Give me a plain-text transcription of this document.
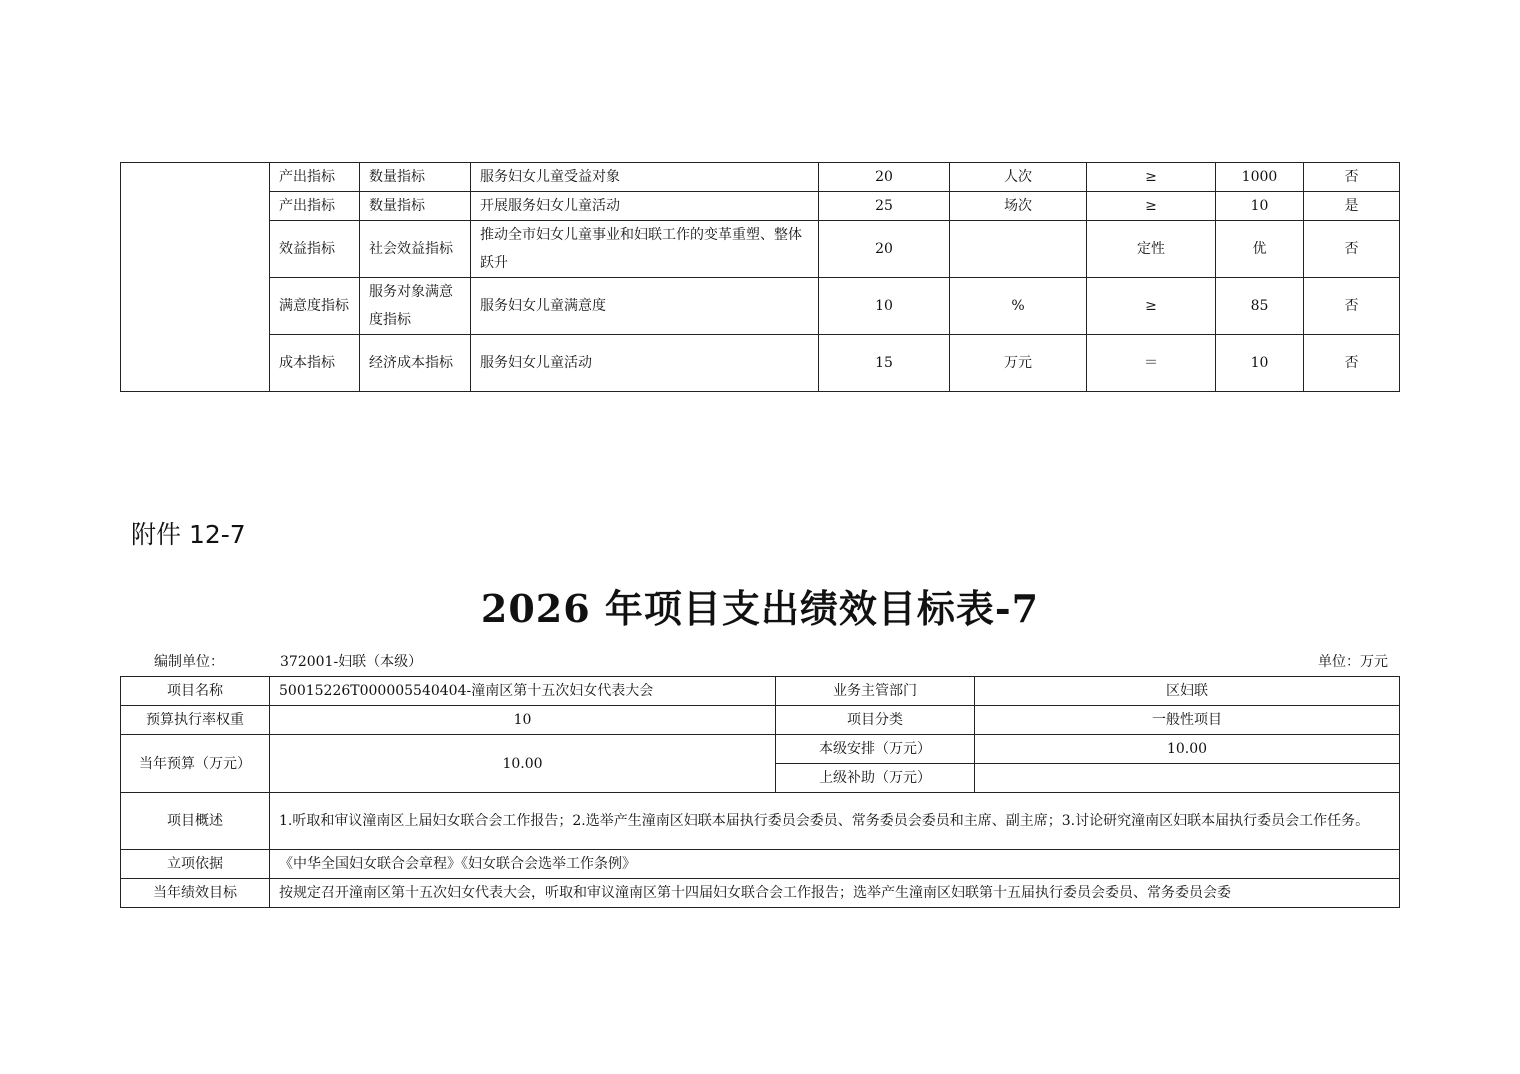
	产出指标	数量指标	服务妇女儿童受益对象	20	人次	≥	1000	否
	产出指标	数量指标	开展服务妇女儿童活动	25	场次	≥	10	是
	效益指标	社会效益指标	推动全市妇女儿童事业和妇联工作的变革重塑、整体跃升	20		定性	优	否
	满意度指标	服务对象满意度指标	服务妇女儿童满意度	10	%	≥	85	否
	成本指标	经济成本指标	服务妇女儿童活动	15	万元	＝	10	否
附件 12-7
2026 年项目支出绩效目标表-7
编制单位：	372001-妇联（本级）	单位：万元
项目名称	50015226T000005540404-潼南区第十五次妇女代表大会	业务主管部门	区妇联
预算执行率权重	10	项目分类	一般性项目
当年预算（万元）	10.00	本级安排（万元）	10.00
		上级补助（万元）	
项目概述	1.听取和审议潼南区上届妇女联合会工作报告；2.选举产生潼南区妇联本届执行委员会委员、常务委员会委员和主席、副主席；3.讨论研究潼南区妇联本届执行委员会工作任务。		
立项依据	《中华全国妇女联合会章程》《妇女联合会选举工作条例》		
当年绩效目标	按规定召开潼南区第十五次妇女代表大会，听取和审议潼南区第十四届妇女联合会工作报告；选举产生潼南区妇联第十五届执行委员会委员、常务委员会委		
